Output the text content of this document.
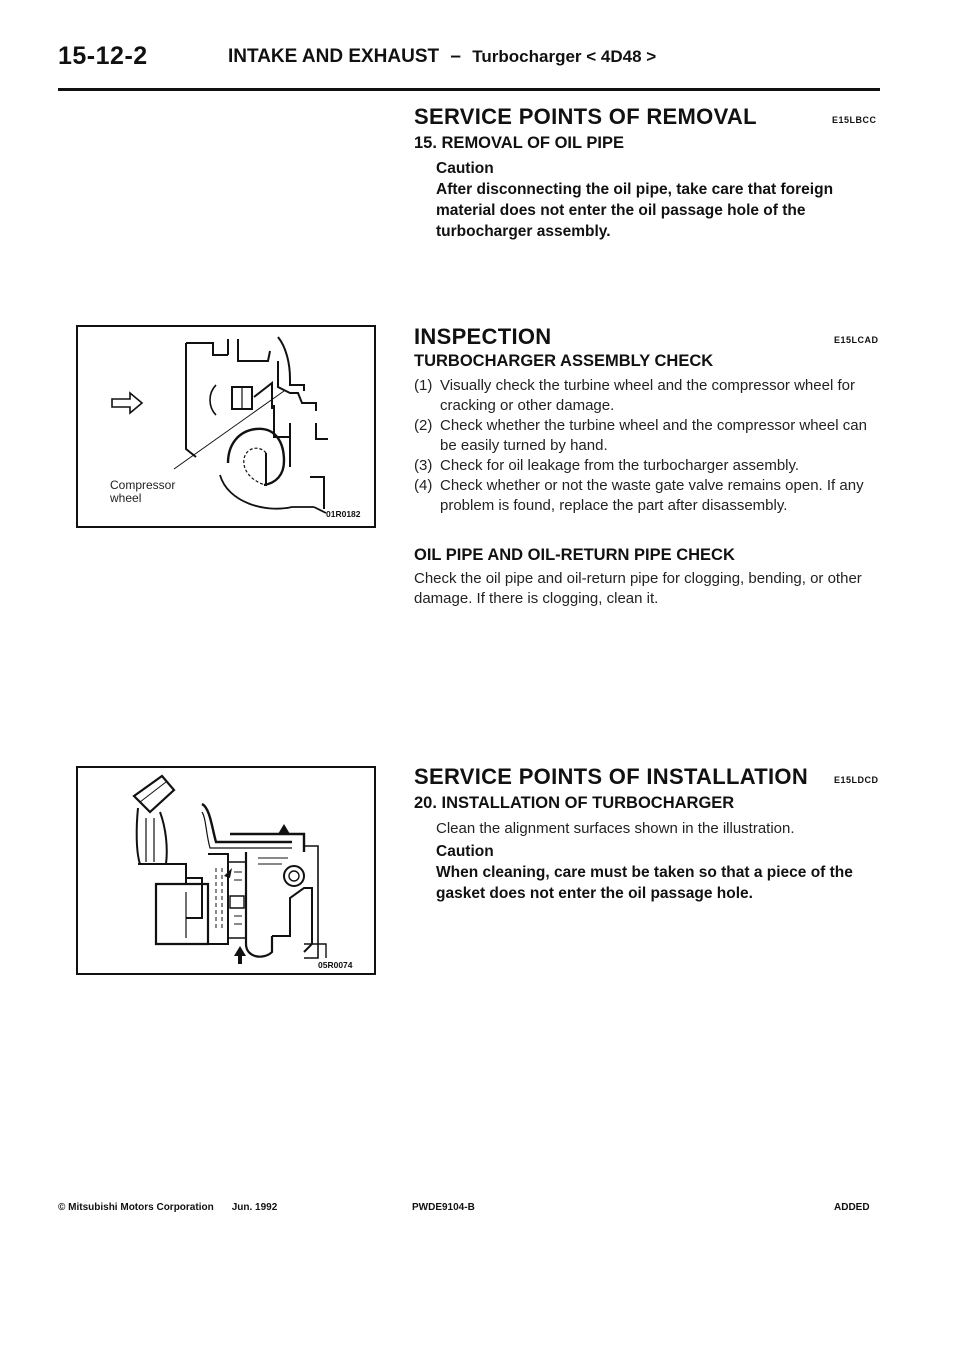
15-12-2	INTAKE AND EXHAUST – Turbocharger < 4D48 >
SERVICE POINTS OF REMOVAL	E15LBCC
15. REMOVAL OF OIL PIPE
Caution
After disconnecting the oil pipe, take care that foreign material does not enter the oil passage hole of the turbocharger assembly.
01R0182
Compressor
wheel
INSPECTION	E15LCAD
TURBOCHARGER ASSEMBLY CHECK
(1) Visually check the turbine wheel and the compressor wheel for cracking or other damage.
(2) Check whether the turbine wheel and the compressor wheel can be easily turned by hand.
(3) Check for oil leakage from the turbocharger assembly.
(4) Check whether or not the waste gate valve remains open. If any problem is found, replace the part after disassembly.
OIL PIPE AND OIL-RETURN PIPE CHECK
Check the oil pipe and oil-return pipe for clogging, bending, or other damage. If there is clogging, clean it.
05R0074
SERVICE POINTS OF INSTALLATION	E15LDCD
20. INSTALLATION OF TURBOCHARGER
Clean the alignment surfaces shown in the illustration.
Caution
When cleaning, care must be taken so that a piece of the gasket does not enter the oil passage hole.
© Mitsubishi Motors Corporation Jun. 1992	PWDE9104-B	ADDED
